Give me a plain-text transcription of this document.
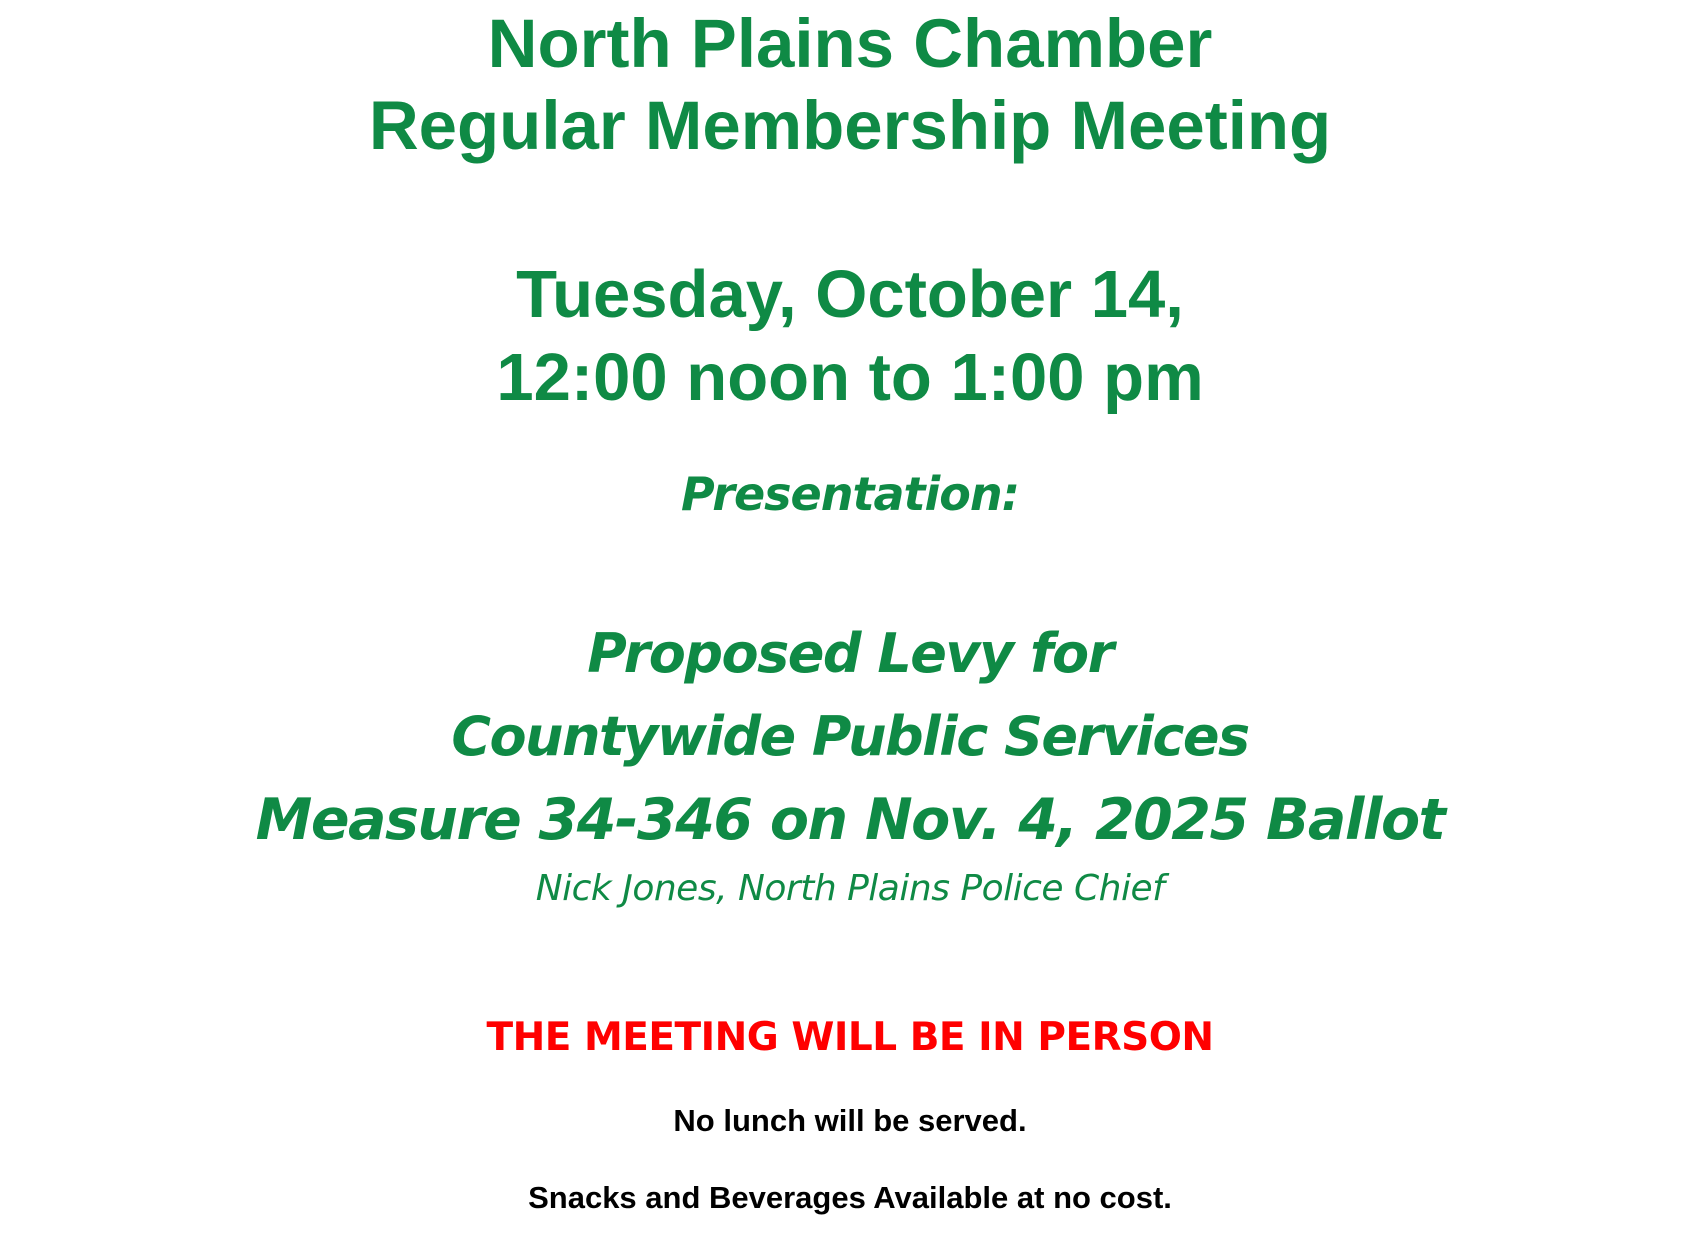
North Plains Chamber
Regular Membership Meeting
Tuesday, October 14,
12:00 noon to 1:00 pm
Presentation:
Proposed Levy for
Countywide Public Services
Measure 34-346 on Nov. 4, 2025 Ballot
Nick Jones, North Plains Police Chief
THE MEETING WILL BE IN PERSON
No lunch will be served.
Snacks and Beverages Available at no cost.
